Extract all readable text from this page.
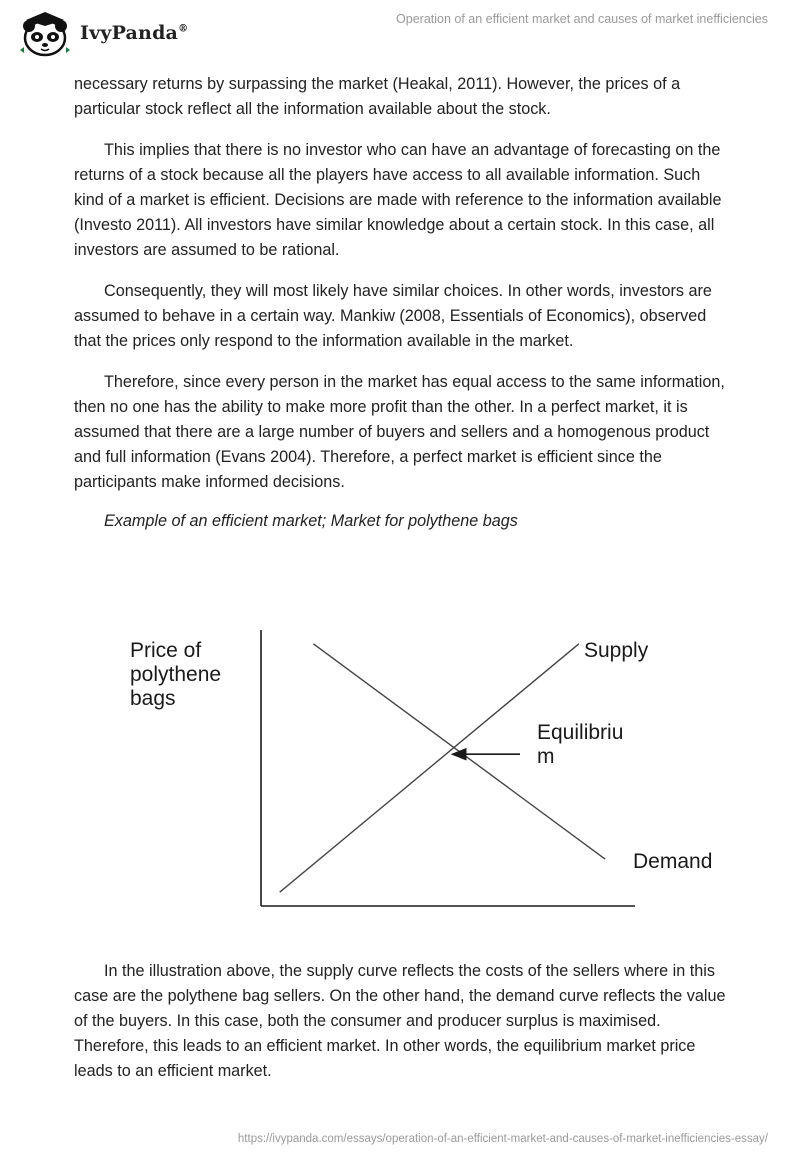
IvyPanda®
Operation of an efficient market and causes of market inefficiencies

necessary returns by surpassing the market (Heakal, 2011). However, the prices of a particular stock reflect all the information available about the stock.

This implies that there is no investor who can have an advantage of forecasting on the returns of a stock because all the players have access to all available information. Such kind of a market is efficient. Decisions are made with reference to the information available (Investo 2011). All investors have similar knowledge about a certain stock. In this case, all investors are assumed to be rational.

Consequently, they will most likely have similar choices. In other words, investors are assumed to behave in a certain way. Mankiw (2008, Essentials of Economics), observed that the prices only respond to the information available in the market.

Therefore, since every person in the market has equal access to the same information, then no one has the ability to make more profit than the other. In a perfect market, it is assumed that there are a large number of buyers and sellers and a homogenous product and full information (Evans 2004). Therefore, a perfect market is efficient since the participants make informed decisions.

Example of an efficient market; Market for polythene bags

Price of
polythene
bags
Supply
Demand
Equilibriu
m

In the illustration above, the supply curve reflects the costs of the sellers where in this case are the polythene bag sellers. On the other hand, the demand curve reflects the value of the buyers. In this case, both the consumer and producer surplus is maximised. Therefore, this leads to an efficient market. In other words, the equilibrium market price leads to an efficient market.

https://ivypanda.com/essays/operation-of-an-efficient-market-and-causes-of-market-inefficiencies-essay/
